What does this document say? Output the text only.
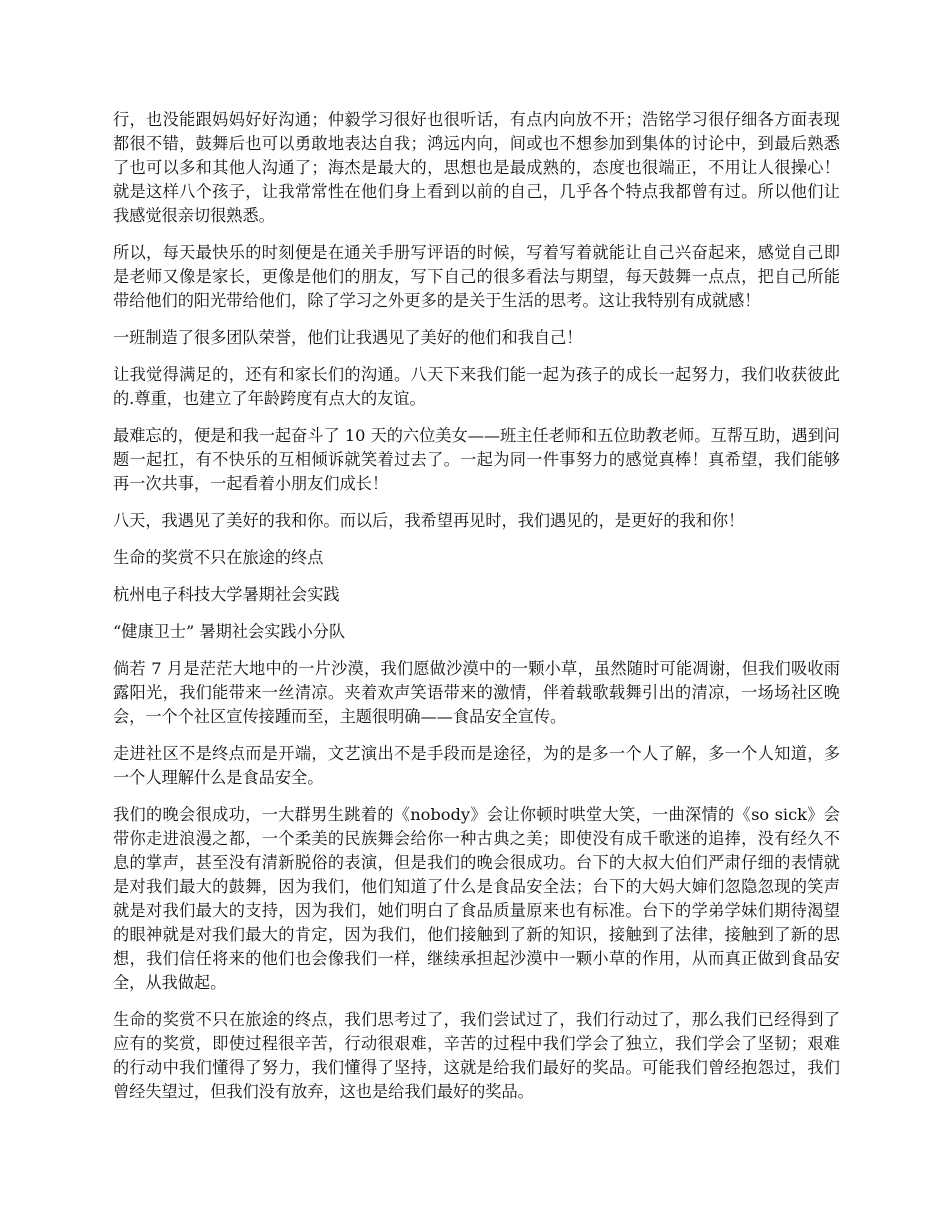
行，也没能跟妈妈好好沟通；仲毅学习很好也很听话，有点内向放不开；浩铭学习很仔细各方面表现都很不错，鼓舞后也可以勇敢地表达自我；鸿远内向，间或也不想参加到集体的讨论中，到最后熟悉了也可以多和其他人沟通了；海杰是最大的，思想也是最成熟的，态度也很端正，不用让人很操心！就是这样八个孩子，让我常常性在他们身上看到以前的自己，几乎各个特点我都曾有过。所以他们让我感觉很亲切很熟悉。

所以，每天最快乐的时刻便是在通关手册写评语的时候，写着写着就能让自己兴奋起来，感觉自己即是老师又像是家长，更像是他们的朋友，写下自己的很多看法与期望，每天鼓舞一点点，把自己所能带给他们的阳光带给他们，除了学习之外更多的是关于生活的思考。这让我特别有成就感！

一班制造了很多团队荣誉，他们让我遇见了美好的他们和我自己！

让我觉得满足的，还有和家长们的沟通。八天下来我们能一起为孩子的成长一起努力，我们收获彼此的.尊重，也建立了年龄跨度有点大的友谊。

最难忘的，便是和我一起奋斗了 10 天的六位美女——班主任老师和五位助教老师。互帮互助，遇到问题一起扛，有不快乐的互相倾诉就笑着过去了。一起为同一件事努力的感觉真棒！真希望，我们能够再一次共事，一起看着小朋友们成长！

八天，我遇见了美好的我和你。而以后，我希望再见时，我们遇见的，是更好的我和你！

生命的奖赏不只在旅途的终点

杭州电子科技大学暑期社会实践

“健康卫士” 暑期社会实践小分队

倘若 7 月是茫茫大地中的一片沙漠，我们愿做沙漠中的一颗小草，虽然随时可能凋谢，但我们吸收雨露阳光，我们能带来一丝清凉。夹着欢声笑语带来的激情，伴着载歌载舞引出的清凉，一场场社区晚会，一个个社区宣传接踵而至，主题很明确——食品安全宣传。

走进社区不是终点而是开端，文艺演出不是手段而是途径，为的是多一个人了解，多一个人知道，多一个人理解什么是食品安全。

我们的晚会很成功，一大群男生跳着的《nobody》会让你顿时哄堂大笑，一曲深情的《so sick》会带你走进浪漫之都，一个柔美的民族舞会给你一种古典之美；即使没有成千歌迷的追捧，没有经久不息的掌声，甚至没有清新脱俗的表演，但是我们的晚会很成功。台下的大叔大伯们严肃仔细的表情就是对我们最大的鼓舞，因为我们，他们知道了什么是食品安全法；台下的大妈大婶们忽隐忽现的笑声就是对我们最大的支持，因为我们，她们明白了食品质量原来也有标准。台下的学弟学妹们期待渴望的眼神就是对我们最大的肯定，因为我们，他们接触到了新的知识，接触到了法律，接触到了新的思想，我们信任将来的他们也会像我们一样，继续承担起沙漠中一颗小草的作用，从而真正做到食品安全，从我做起。

生命的奖赏不只在旅途的终点，我们思考过了，我们尝试过了，我们行动过了，那么我们已经得到了应有的奖赏，即使过程很辛苦，行动很艰难，辛苦的过程中我们学会了独立，我们学会了坚韧；艰难的行动中我们懂得了努力，我们懂得了坚持，这就是给我们最好的奖品。可能我们曾经抱怨过，我们曾经失望过，但我们没有放弃，这也是给我们最好的奖品。
